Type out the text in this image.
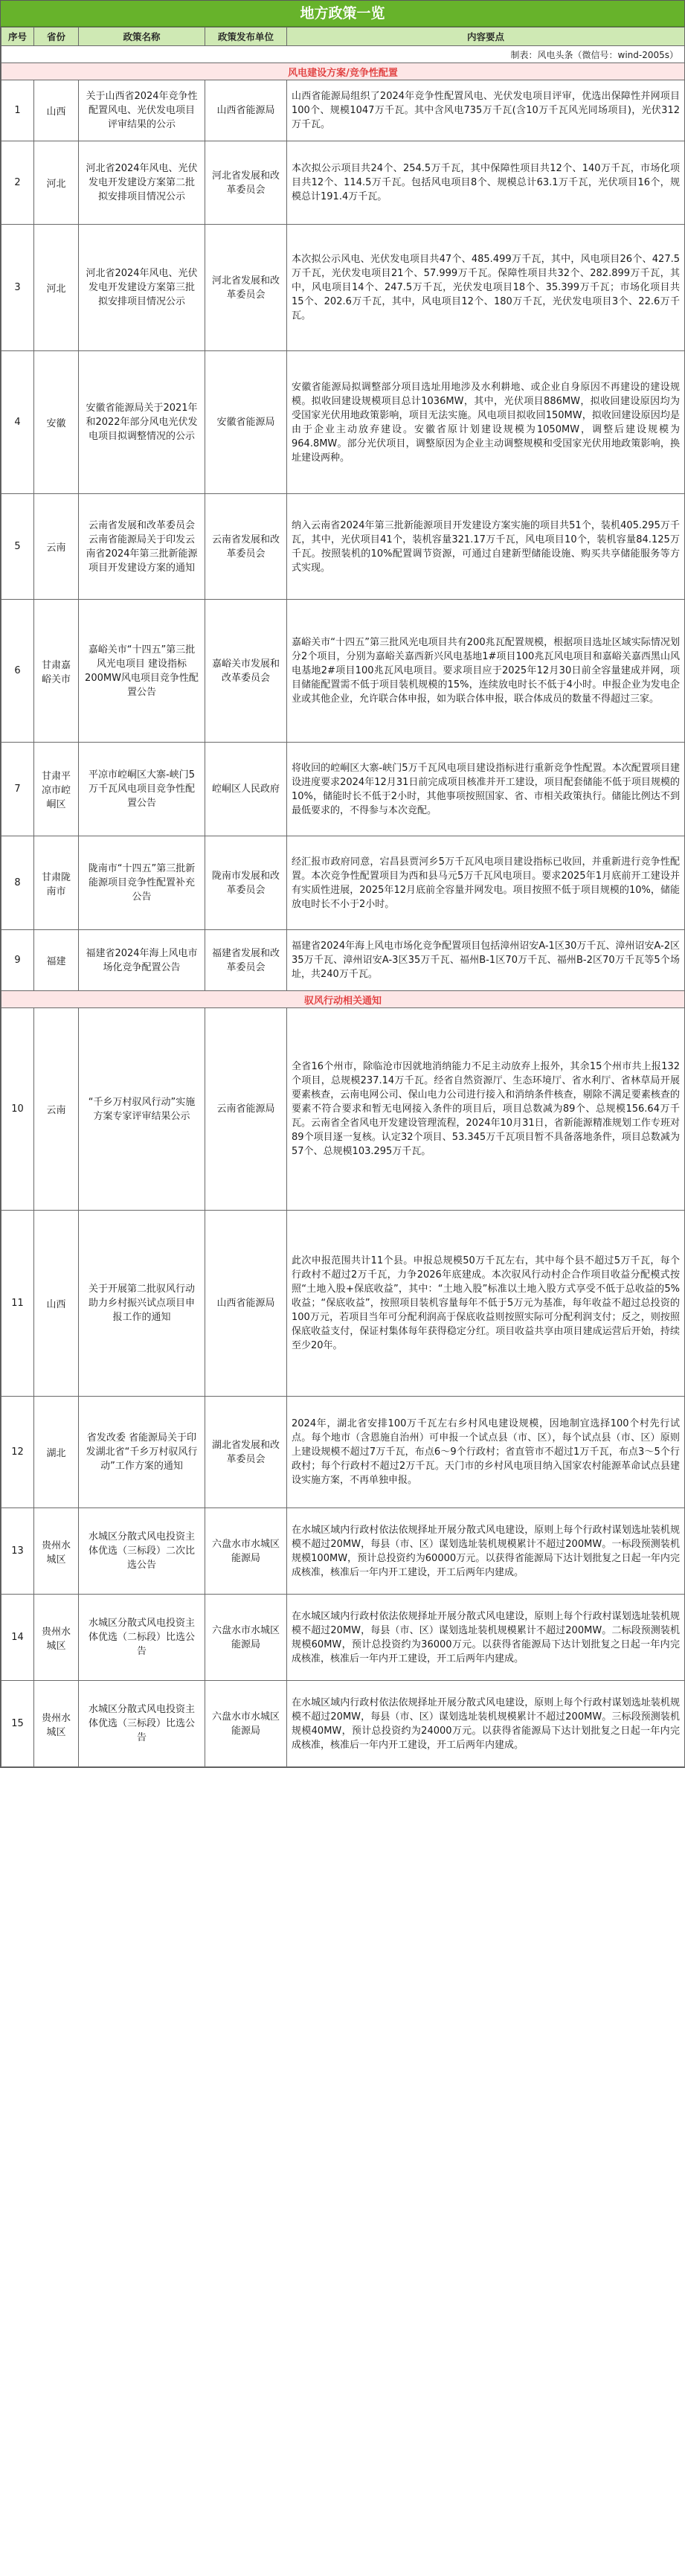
地方政策一览
序号	省份	政策名称	政策发布单位	内容要点
制表：风电头条（微信号：wind-2005s）				
风电建设方案/竞争性配置				
1	山西	关于山西省2024年竞争性配置风电、光伏发电项目评审结果的公示	山西省能源局	山西省能源局组织了2024年竞争性配置风电、光伏发电项目评审，优选出保障性并网项目100个、规模1047万千瓦。其中含风电735万千瓦(含10万千瓦风光同场项目)，光伏312万千瓦。
2	河北	河北省2024年风电、光伏发电开发建设方案第二批拟安排项目情况公示	河北省发展和改革委员会	本次拟公示项目共24个、254.5万千瓦，其中保障性项目共12个、140万千瓦，市场化项目共12个、114.5万千瓦。包括风电项目8个、规模总计63.1万千瓦，光伏项目16个，规模总计191.4万千瓦。
3	河北	河北省2024年风电、光伏发电开发建设方案第三批拟安排项目情况公示	河北省发展和改革委员会	本次拟公示风电、光伏发电项目共47个、485.499万千瓦，其中，风电项目26个、427.5万千瓦，光伏发电项目21个、57.999万千瓦。保障性项目共32个、282.899万千瓦，其中，风电项目14个、247.5万千瓦，光伏发电项目18个、35.399万千瓦；市场化项目共15个、202.6万千瓦，其中，风电项目12个、180万千瓦，光伏发电项目3个、22.6万千瓦。
4	安徽	安徽省能源局关于2021年和2022年部分风电光伏发电项目拟调整情况的公示	安徽省能源局	安徽省能源局拟调整部分项目选址用地涉及水利耕地、或企业自身原因不再建设的建设规模。拟收回建设规模项目总计1036MW，其中，光伏项目886MW，拟收回建设原因均为受国家光伏用地政策影响，项目无法实施。风电项目拟收回150MW，拟收回建设原因均是由于企业主动放弃建设。安徽省原计划建设规模为1050MW，调整后建设规模为964.8MW。部分光伏项目，调整原因为企业主动调整规模和受国家光伏用地政策影响，换址建设两种。
5	云南	云南省发展和改革委员会云南省能源局关于印发云南省2024年第三批新能源项目开发建设方案的通知	云南省发展和改革委员会	纳入云南省2024年第三批新能源项目开发建设方案实施的项目共51个，装机405.295万千瓦，其中，光伏项目41个，装机容量321.17万千瓦，风电项目10个，装机容量84.125万千瓦。按照装机的10%配置调节资源，可通过自建新型储能设施、购买共享储能服务等方式实现。
6	甘肃嘉峪关市	嘉峪关市“十四五”第三批风光电项目 建设指标200MW风电项目竞争性配置公告	嘉峪关市发展和改革委员会	嘉峪关市“十四五”第三批风光电项目共有200兆瓦配置规模，根据项目选址区域实际情况划分2个项目，分别为嘉峪关嘉西新兴风电基地1#项目100兆瓦风电项目和嘉峪关嘉西黑山风电基地2#项目100兆瓦风电项目。要求项目应于2025年12月30日前全容量建成并网，项目储能配置需不低于项目装机规模的15%，连续放电时长不低于4小时。申报企业为发电企业或其他企业，允许联合体申报，如为联合体申报，联合体成员的数量不得超过三家。
7	甘肃平凉市崆峒区	平凉市崆峒区大寨-峡门5万千瓦风电项目竞争性配置公告	崆峒区人民政府	将收回的崆峒区大寨-峡门5万千瓦风电项目建设指标进行重新竞争性配置。本次配置项目建设进度要求2024年12月31日前完成项目核准并开工建设，项目配套储能不低于项目规模的10%，储能时长不低于2小时，其他事项按照国家、省、市相关政策执行。储能比例达不到最低要求的，不得参与本次竞配。
8	甘肃陇南市	陇南市“十四五”第三批新能源项目竞争性配置补充公告	陇南市发展和改革委员会	经汇报市政府同意，宕昌县贾河乡5万千瓦风电项目建设指标已收回，并重新进行竞争性配置。本次竞争性配置项目为西和县马元5万千瓦风电项目。要求2025年1月底前开工建设并有实质性进展，2025年12月底前全容量并网发电。项目按照不低于项目规模的10%，储能放电时长不小于2小时。
9	福建	福建省2024年海上风电市场化竞争配置公告	福建省发展和改革委员会	福建省2024年海上风电市场化竞争配置项目包括漳州诏安A-1区30万千瓦、漳州诏安A-2区35万千瓦、漳州诏安A-3区35万千瓦、福州B-1区70万千瓦、福州B-2区70万千瓦等5个场址，共240万千瓦。
驭风行动相关通知				
10	云南	“千乡万村驭风行动”实施方案专家评审结果公示	云南省能源局	全省16个州市，除临沧市因就地消纳能力不足主动放弃上报外，其余15个州市共上报132个项目，总规模237.14万千瓦。经省自然资源厅、生态环境厅、省水利厅、省林草局开展要素核查，云南电网公司、保山电力公司进行接入和消纳条件核查，剔除不满足要素核查的要素不符合要求和暂无电网接入条件的项目后，项目总数减为89个、总规模156.64万千瓦。云南省全省风电开发建设管理流程，2024年10月31日，省新能源精准规划工作专班对89个项目逐一复核。认定32个项目、53.345万千瓦项目暂不具备落地条件，项目总数减为57个、总规模103.295万千瓦。
11	山西	关于开展第二批驭风行动助力乡村振兴试点项目申报工作的通知	山西省能源局	此次申报范围共计11个县。申报总规模50万千瓦左右，其中每个县不超过5万千瓦，每个行政村不超过2万千瓦，力争2026年底建成。本次驭风行动村企合作项目收益分配模式按照“土地入股+保底收益”，其中：“土地入股”标准以土地入股方式享受不低于总收益的5%收益；“保底收益”，按照项目装机容量每年不低于5万元为基准，每年收益不超过总投资的100万元，若项目当年可分配利润高于保底收益则按照实际可分配利润支付；反之，则按照保底收益支付，保证村集体每年获得稳定分红。项目收益共享由项目建成运营后开始，持续至少20年。
12	湖北	省发改委 省能源局关于印发湖北省“千乡万村驭风行动”工作方案的通知	湖北省发展和改革委员会	2024年，湖北省安排100万千瓦左右乡村风电建设规模，因地制宜选择100个村先行试点。每个地市（含恩施自治州）可申报一个试点县（市、区），每个试点县（市、区）原则上建设规模不超过7万千瓦，布点6～9个行政村；省直管市不超过1万千瓦，布点3～5个行政村；每个行政村不超过2万千瓦。天门市的乡村风电项目纳入国家农村能源革命试点县建设实施方案，不再单独申报。
13	贵州水城区	水城区分散式风电投资主体优选（三标段）二次比选公告	六盘水市水城区能源局	在水城区域内行政村依法依规择址开展分散式风电建设，原则上每个行政村谋划选址装机规模不超过20MW，每县（市、区）谋划选址装机规模累计不超过200MW。一标段预测装机规模100MW，预计总投资约为60000万元。以获得省能源局下达计划批复之日起一年内完成核准，核准后一年内开工建设，开工后两年内建成。
14	贵州水城区	水城区分散式风电投资主体优选（二标段）比选公告	六盘水市水城区能源局	在水城区域内行政村依法依规择址开展分散式风电建设，原则上每个行政村谋划选址装机规模不超过20MW，每县（市、区）谋划选址装机规模累计不超过200MW。二标段预测装机规模60MW，预计总投资约为36000万元。以获得省能源局下达计划批复之日起一年内完成核准，核准后一年内开工建设，开工后两年内建成。
15	贵州水城区	水城区分散式风电投资主体优选（三标段）比选公告	六盘水市水城区能源局	在水城区域内行政村依法依规择址开展分散式风电建设，原则上每个行政村谋划选址装机规模不超过20MW，每县（市、区）谋划选址装机规模累计不超过200MW。三标段预测装机规模40MW，预计总投资约为24000万元。以获得省能源局下达计划批复之日起一年内完成核准，核准后一年内开工建设，开工后两年内建成。
